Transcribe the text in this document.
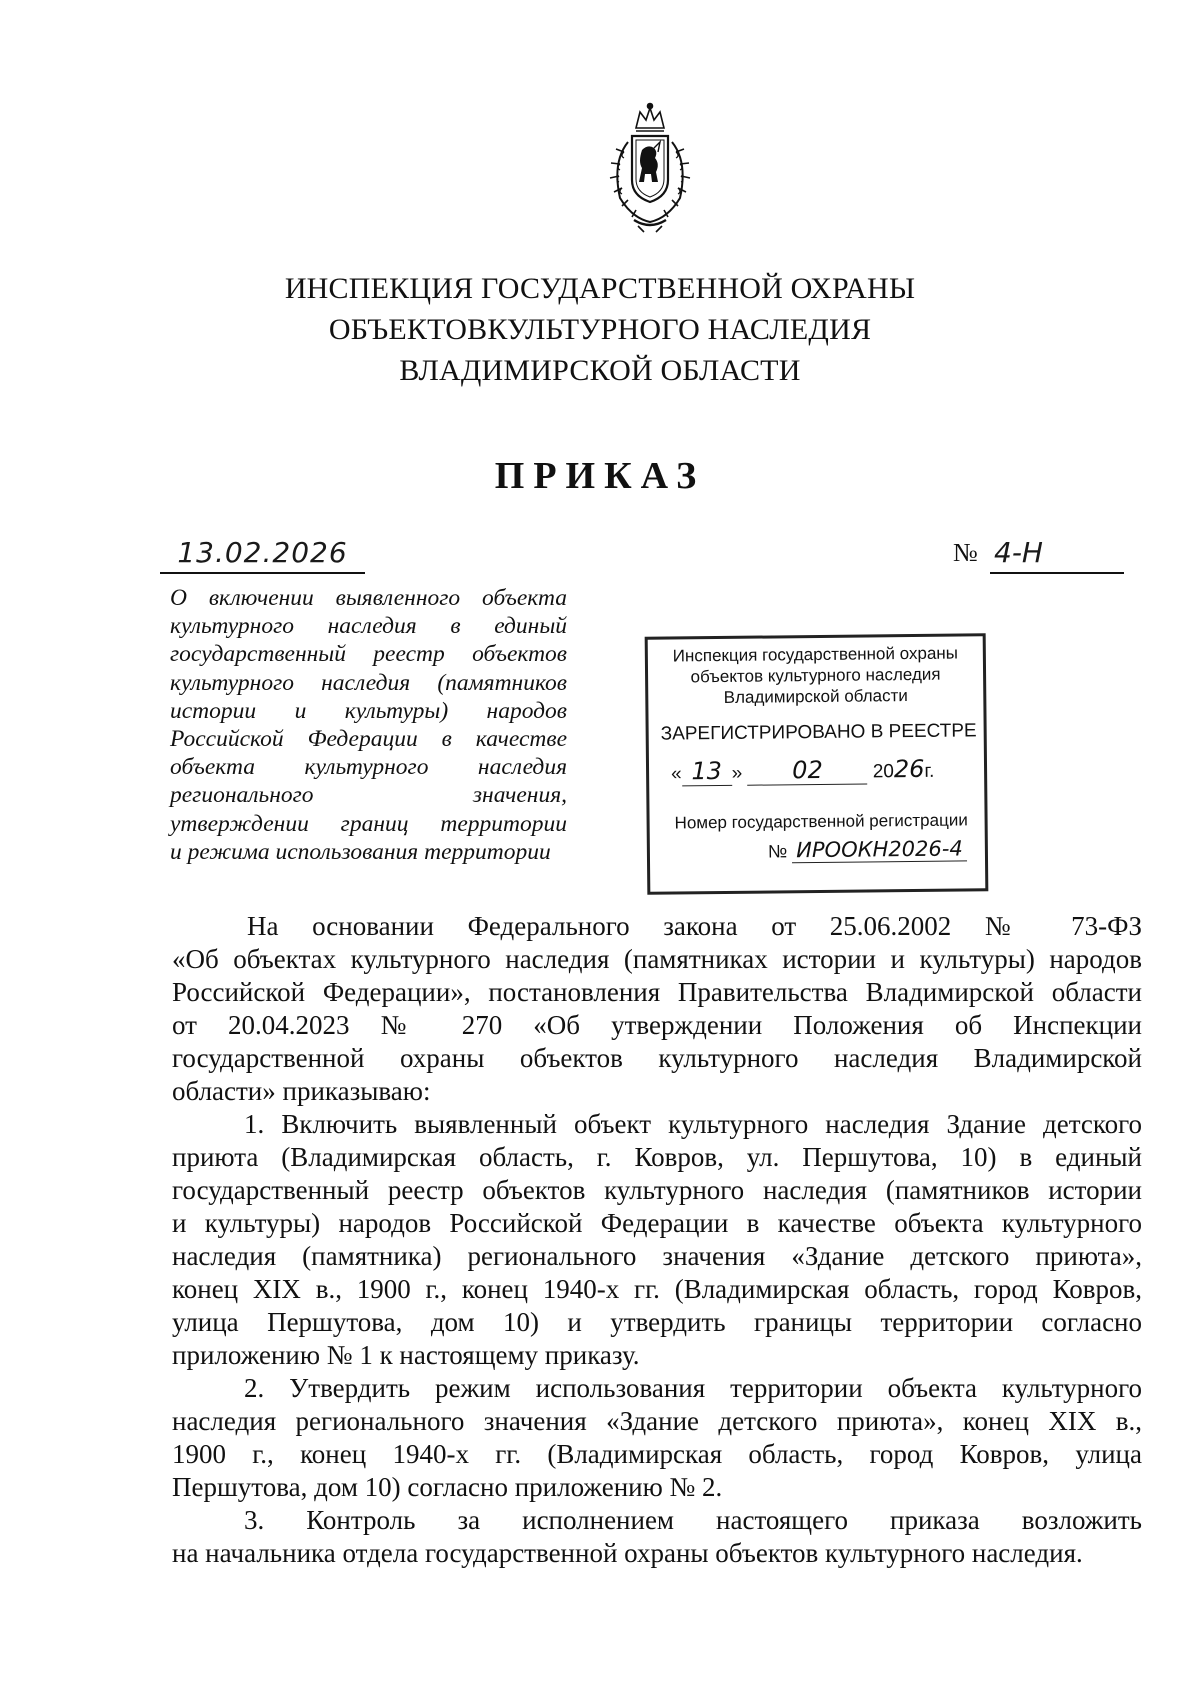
ИНСПЕКЦИЯ ГОСУДАРСТВЕННОЙ ОХРАНЫ
ОБЪЕКТОВКУЛЬТУРНОГО НАСЛЕДИЯ
ВЛАДИМИРСКОЙ ОБЛАСТИ
ПРИКАЗ
13.02.2026	№ 4-Н
О включении выявленного объекта
культурного наследия в единый
государственный реестр объектов
культурного наследия (памятников
истории и культуры) народов
Российской Федерации в качестве
объекта культурного наследия
регионального значения,
утверждении границ территории
и режима использования территории
Инспекция государственной охраны
объектов культурного наследия
Владимирской области
ЗАРЕГИСТРИРОВАНО В РЕЕСТРЕ
« 13 » 02	2026г.
Номер государственной регистрации
№ ИРООКН2026-4
На основании Федерального закона от 25.06.2002 № 73-ФЗ
«Об объектах культурного наследия (памятниках истории и культуры) народов
Российской Федерации», постановления Правительства Владимирской области
от 20.04.2023 № 270 «Об утверждении Положения об Инспекции
государственной охраны объектов культурного наследия Владимирской
области» приказываю:
1. Включить выявленный объект культурного наследия Здание детского
приюта (Владимирская область, г. Ковров, ул. Першутова, 10) в единый
государственный реестр объектов культурного наследия (памятников истории
и культуры) народов Российской Федерации в качестве объекта культурного
наследия (памятника) регионального значения «Здание детского приюта»,
конец XIX в., 1900 г., конец 1940-х гг. (Владимирская область, город Ковров,
улица Першутова, дом 10) и утвердить границы территории согласно
приложению № 1 к настоящему приказу.
2. Утвердить режим использования территории объекта культурного
наследия регионального значения «Здание детского приюта», конец XIX в.,
1900 г., конец 1940-х гг. (Владимирская область, город Ковров, улица
Першутова, дом 10) согласно приложению № 2.
3. Контроль за исполнением настоящего приказа возложить
на начальника отдела государственной охраны объектов культурного наследия.
